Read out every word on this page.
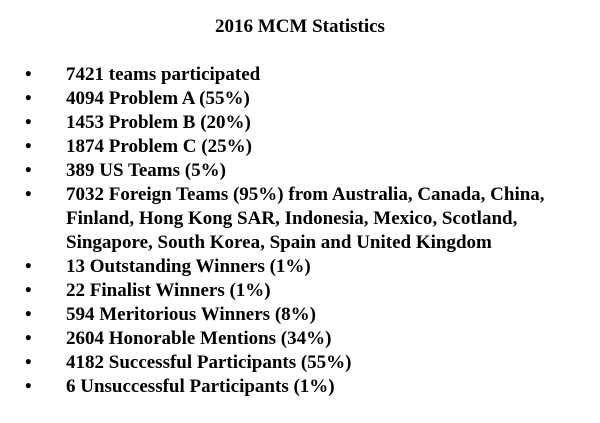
2016 MCM Statistics
• 7421 teams participated
• 4094 Problem A (55%)
• 1453 Problem B (20%)
• 1874 Problem C (25%)
• 389 US Teams (5%)
• 7032 Foreign Teams (95%) from Australia, Canada, China, Finland, Hong Kong SAR, Indonesia, Mexico, Scotland, Singapore, South Korea, Spain and United Kingdom
• 13 Outstanding Winners (1%)
• 22 Finalist Winners (1%)
• 594 Meritorious Winners (8%)
• 2604 Honorable Mentions (34%)
• 4182 Successful Participants (55%)
• 6 Unsuccessful Participants (1%)
